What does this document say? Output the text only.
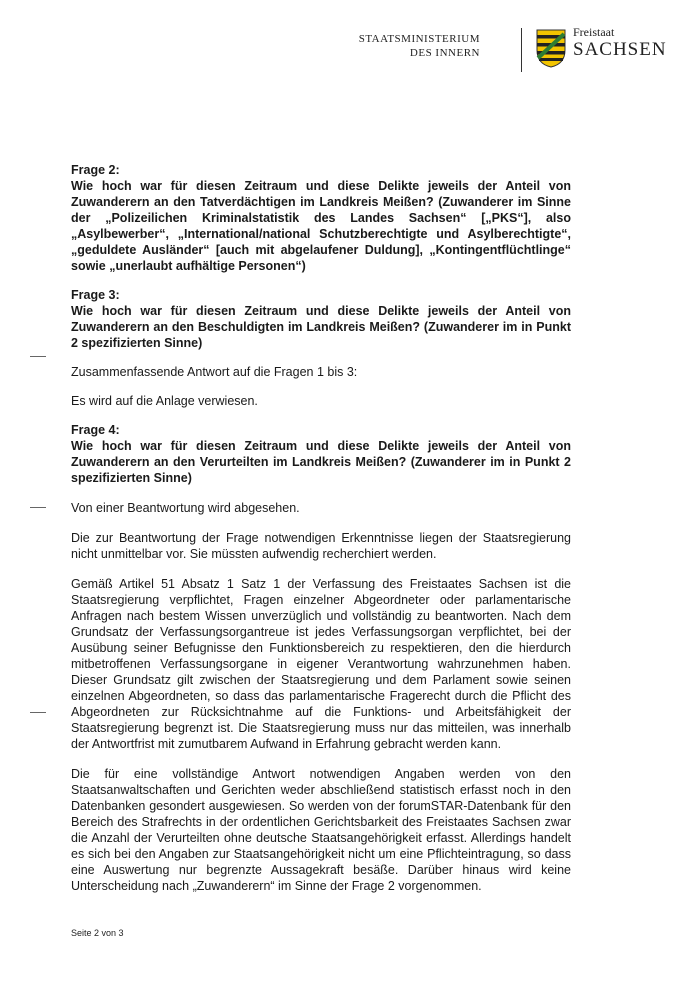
STAATSMINISTERIUM
DES INNERN
Freistaat
SACHSEN
Frage 2:
Wie hoch war für diesen Zeitraum und diese Delikte jeweils der Anteil von Zuwanderern an den Tatverdächtigen im Landkreis Meißen? (Zuwanderer im Sinne der „Polizeilichen Kriminalstatistik des Landes Sachsen“ [„PKS“], also „Asylbewerber“, „International/national Schutzberechtigte und Asylberechtigte“, „geduldete Ausländer“ [auch mit abgelaufener Duldung], „Kontingentflüchtlinge“ sowie „unerlaubt aufhältige Personen“)
Frage 3:
Wie hoch war für diesen Zeitraum und diese Delikte jeweils der Anteil von Zuwanderern an den Beschuldigten im Landkreis Meißen? (Zuwanderer im in Punkt 2 spezifizierten Sinne)

Zusammenfassende Antwort auf die Fragen 1 bis 3:

Es wird auf die Anlage verwiesen.

Frage 4:
Wie hoch war für diesen Zeitraum und diese Delikte jeweils der Anteil von Zuwanderern an den Verurteilten im Landkreis Meißen? (Zuwanderer im in Punkt 2 spezifizierten Sinne)

Von einer Beantwortung wird abgesehen.

Die zur Beantwortung der Frage notwendigen Erkenntnisse liegen der Staatsregierung nicht unmittelbar vor. Sie müssten aufwendig recherchiert werden.

Gemäß Artikel 51 Absatz 1 Satz 1 der Verfassung des Freistaates Sachsen ist die Staatsregierung verpflichtet, Fragen einzelner Abgeordneter oder parlamentarische Anfragen nach bestem Wissen unverzüglich und vollständig zu beantworten. Nach dem Grundsatz der Verfassungsorgantreue ist jedes Verfassungsorgan verpflichtet, bei der Ausübung seiner Befugnisse den Funktionsbereich zu respektieren, den die hierdurch mitbetroffenen Verfassungsorgane in eigener Verantwortung wahrzunehmen haben. Dieser Grundsatz gilt zwischen der Staatsregierung und dem Parlament sowie seinen einzelnen Abgeordneten, so dass das parlamentarische Fragerecht durch die Pflicht des Abgeordneten zur Rücksichtnahme auf die Funktions- und Arbeitsfähigkeit der Staatsregierung begrenzt ist. Die Staatsregierung muss nur das mitteilen, was innerhalb der Antwortfrist mit zumutbarem Aufwand in Erfahrung gebracht werden kann.

Die für eine vollständige Antwort notwendigen Angaben werden von den Staatsanwaltschaften und Gerichten weder abschließend statistisch erfasst noch in den Datenbanken gesondert ausgewiesen. So werden von der forumSTAR-Datenbank für den Bereich des Strafrechts in der ordentlichen Gerichtsbarkeit des Freistaates Sachsen zwar die Anzahl der Verurteilten ohne deutsche Staatsangehörigkeit erfasst. Allerdings handelt es sich bei den Angaben zur Staatsangehörigkeit nicht um eine Pflichteintragung, so dass eine Auswertung nur begrenzte Aussagekraft besäße. Darüber hinaus wird keine Unterscheidung nach „Zuwanderern“ im Sinne der Frage 2 vorgenommen.

Seite 2 von 3
